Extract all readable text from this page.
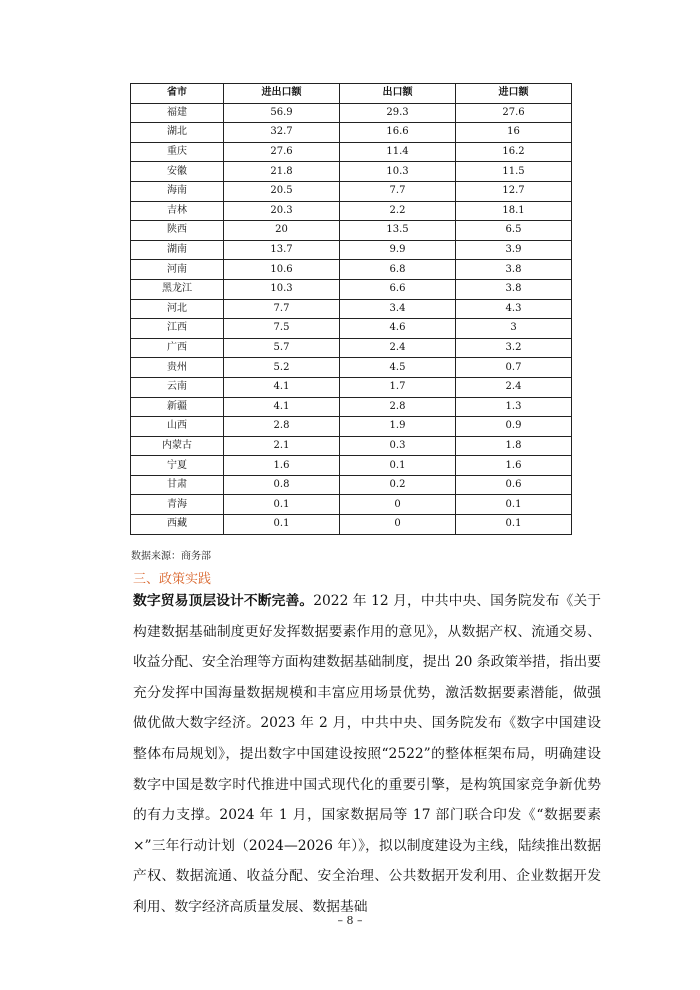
省市	进出口额	出口额	进口额
福建	56.9	29.3	27.6
湖北	32.7	16.6	16
重庆	27.6	11.4	16.2
安徽	21.8	10.3	11.5
海南	20.5	7.7	12.7
吉林	20.3	2.2	18.1
陕西	20	13.5	6.5
湖南	13.7	9.9	3.9
河南	10.6	6.8	3.8
黑龙江	10.3	6.6	3.8
河北	7.7	3.4	4.3
江西	7.5	4.6	3
广西	5.7	2.4	3.2
贵州	5.2	4.5	0.7
云南	4.1	1.7	2.4
新疆	4.1	2.8	1.3
山西	2.8	1.9	0.9
内蒙古	2.1	0.3	1.8
宁夏	1.6	0.1	1.6
甘肃	0.8	0.2	0.6
青海	0.1	0	0.1
西藏	0.1	0	0.1
数据来源：商务部
三、政策实践
数字贸易顶层设计不断完善。2022 年 12 月，中共中央、国务院发布《关于构建数据基础制度更好发挥数据要素作用的意见》，从数据产权、流通交易、收益分配、安全治理等方面构建数据基础制度，提出 20 条政策举措，指出要充分发挥中国海量数据规模和丰富应用场景优势，激活数据要素潜能，做强做优做大数字经济。2023 年 2 月，中共中央、国务院发布《数字中国建设整体布局规划》，提出数字中国建设按照“2522”的整体框架布局，明确建设数字中国是数字时代推进中国式现代化的重要引擎，是构筑国家竞争新优势的有力支撑。2024 年 1 月，国家数据局等 17 部门联合印发《“数据要素×”三年行动计划（2024—2026 年）》，拟以制度建设为主线，陆续推出数据产权、数据流通、收益分配、安全治理、公共数据开发利用、企业数据开发利用、数字经济高质量发展、数据基础
– 8 –
